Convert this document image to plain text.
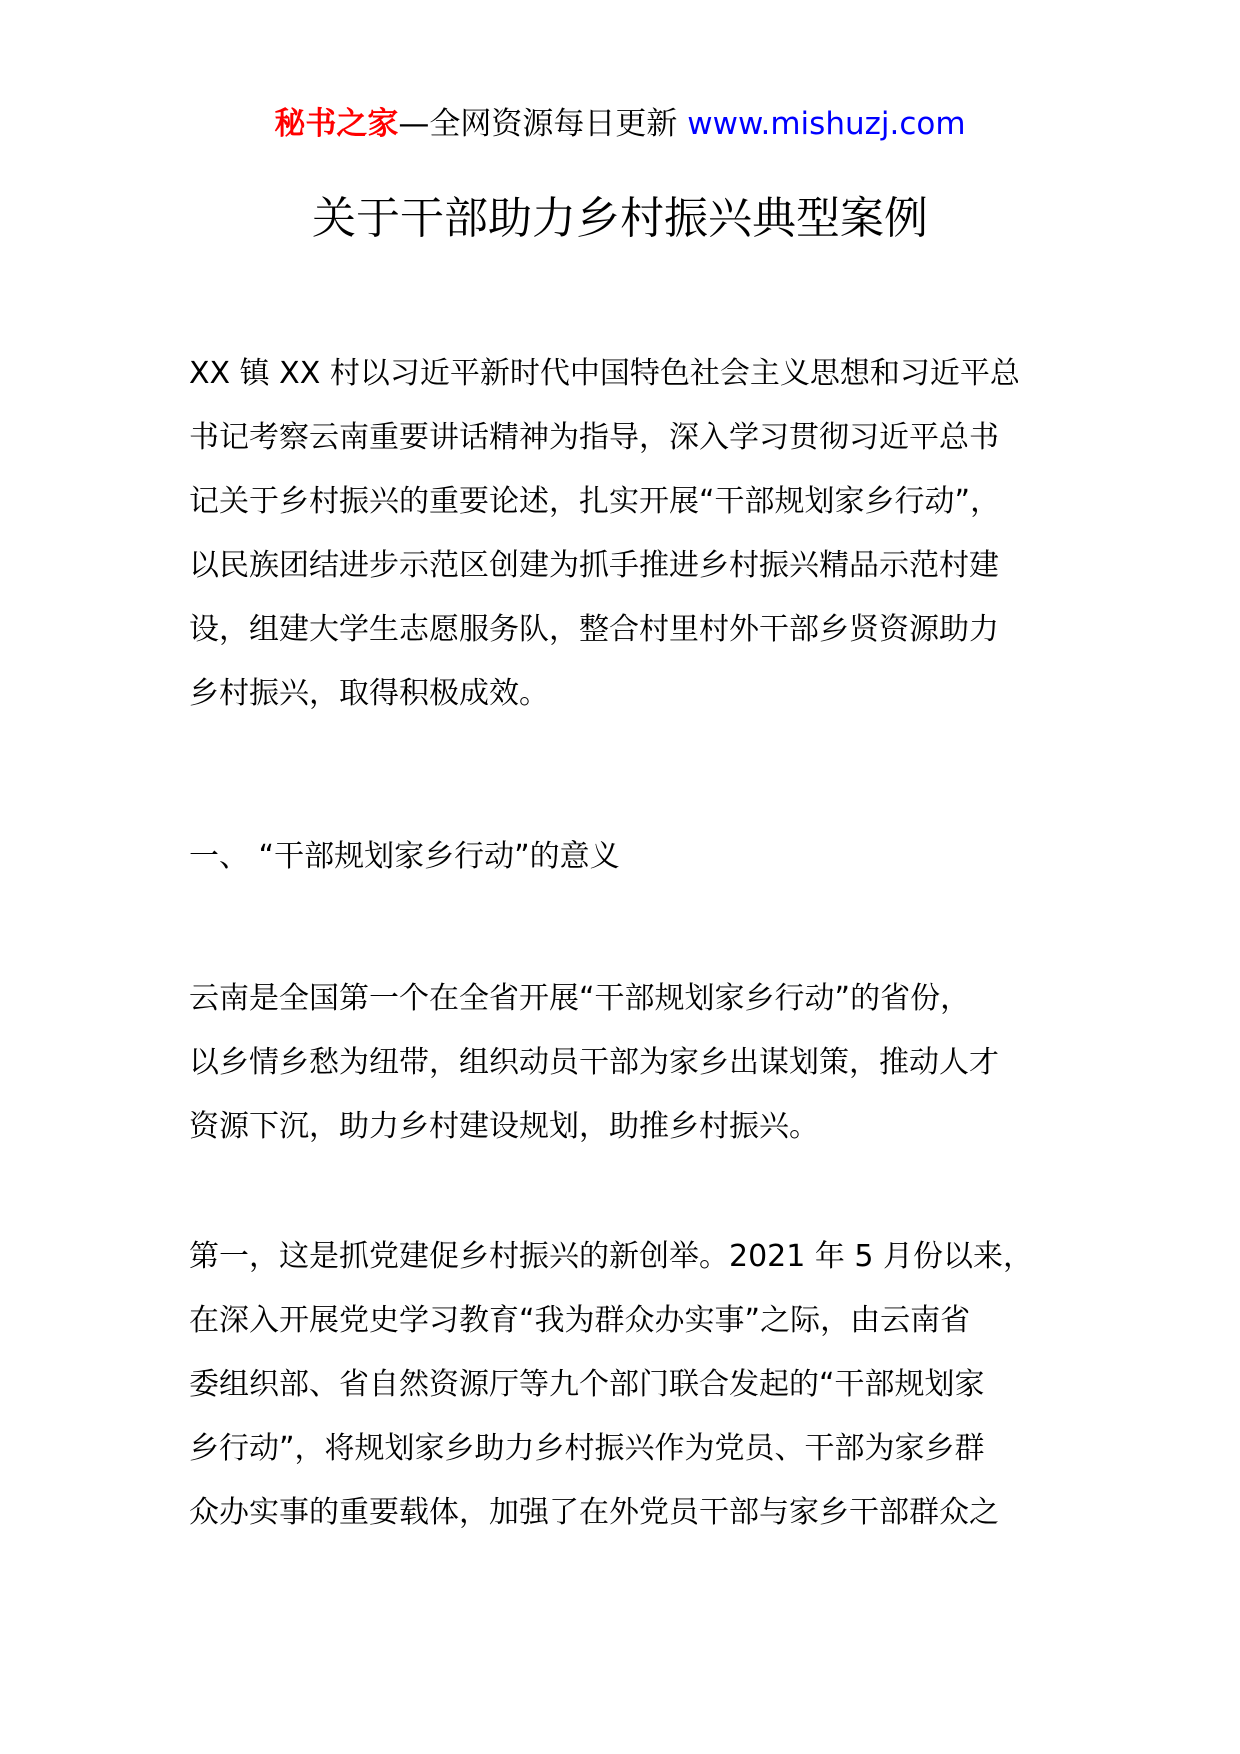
秘书之家—全网资源每日更新 www.mishuzj.com
关于干部助力乡村振兴典型案例

XX 镇 XX 村以习近平新时代中国特色社会主义思想和习近平总
书记考察云南重要讲话精神为指导，深入学习贯彻习近平总书
记关于乡村振兴的重要论述，扎实开展“干部规划家乡行动”，
以民族团结进步示范区创建为抓手推进乡村振兴精品示范村建
设，组建大学生志愿服务队，整合村里村外干部乡贤资源助力
乡村振兴，取得积极成效。

一、 “干部规划家乡行动”的意义

云南是全国第一个在全省开展“干部规划家乡行动”的省份，
以乡情乡愁为纽带，组织动员干部为家乡出谋划策，推动人才
资源下沉，助力乡村建设规划，助推乡村振兴。

第一，这是抓党建促乡村振兴的新创举。2021 年 5 月份以来，
在深入开展党史学习教育“我为群众办实事”之际，由云南省
委组织部、省自然资源厅等九个部门联合发起的“干部规划家
乡行动”，将规划家乡助力乡村振兴作为党员、干部为家乡群
众办实事的重要载体，加强了在外党员干部与家乡干部群众之
